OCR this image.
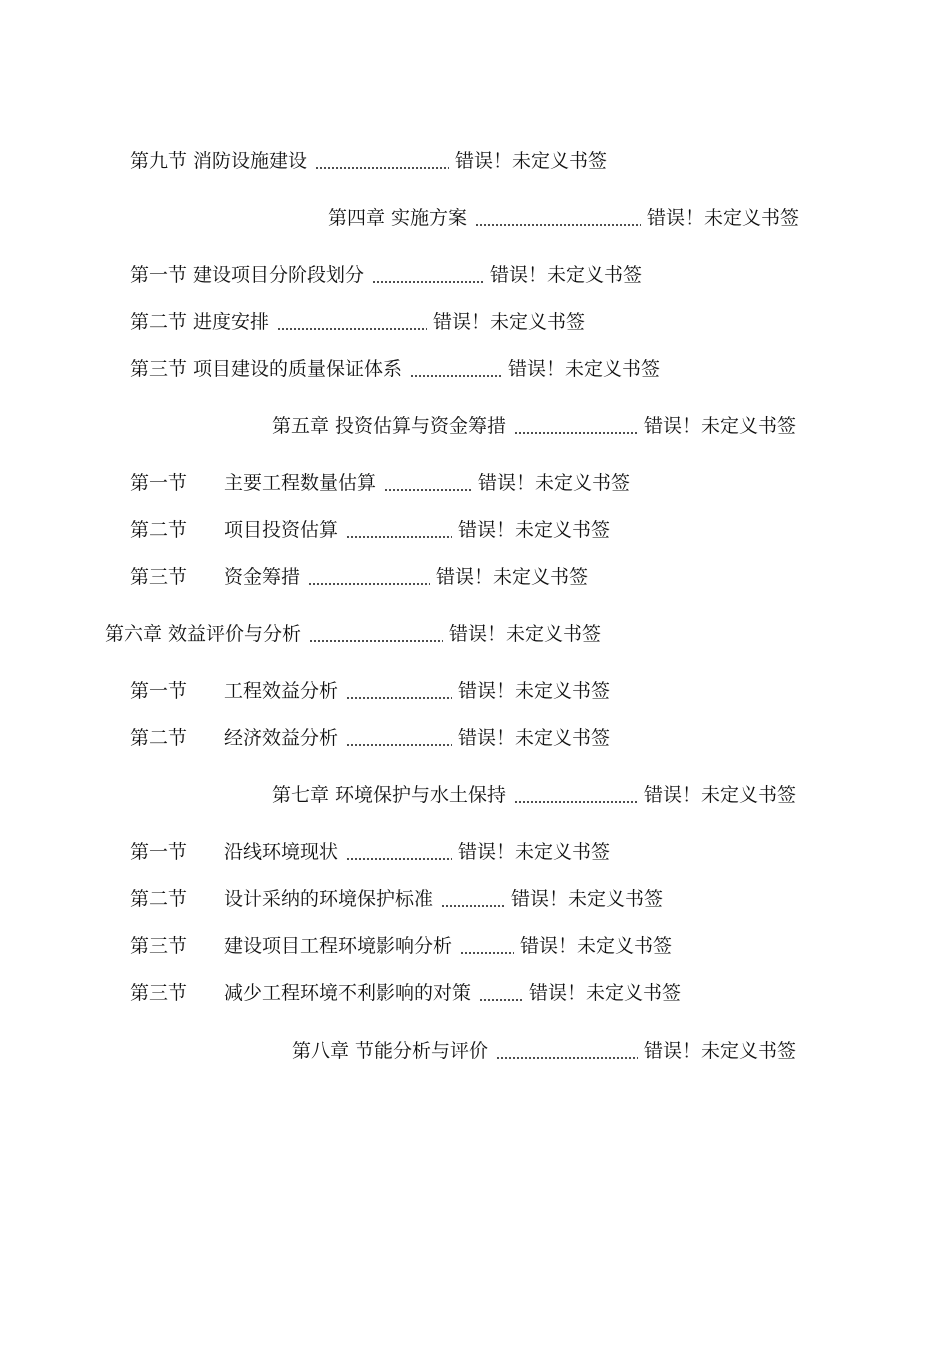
第九节 消防设施建设	错误！未定义书签
第四章 实施方案	错误！未定义书签
第一节 建设项目分阶段划分	错误！未定义书签
第二节 进度安排	错误！未定义书签
第三节 项目建设的质量保证体系	错误！未定义书签
第五章 投资估算与资金筹措	错误！未定义书签
第一节	主要工程数量估算	错误！未定义书签
第二节	项目投资估算	错误！未定义书签
第三节	资金筹措	错误！未定义书签
第六章 效益评价与分析	错误！未定义书签
第一节	工程效益分析	错误！未定义书签
第二节	经济效益分析	错误！未定义书签
第七章 环境保护与水土保持	错误！未定义书签
第一节	沿线环境现状	错误！未定义书签
第二节	设计采纳的环境保护标准	错误！未定义书签
第三节	建设项目工程环境影响分析	错误！未定义书签
第三节	减少工程环境不利影响的对策	错误！未定义书签
第八章 节能分析与评价	错误！未定义书签
